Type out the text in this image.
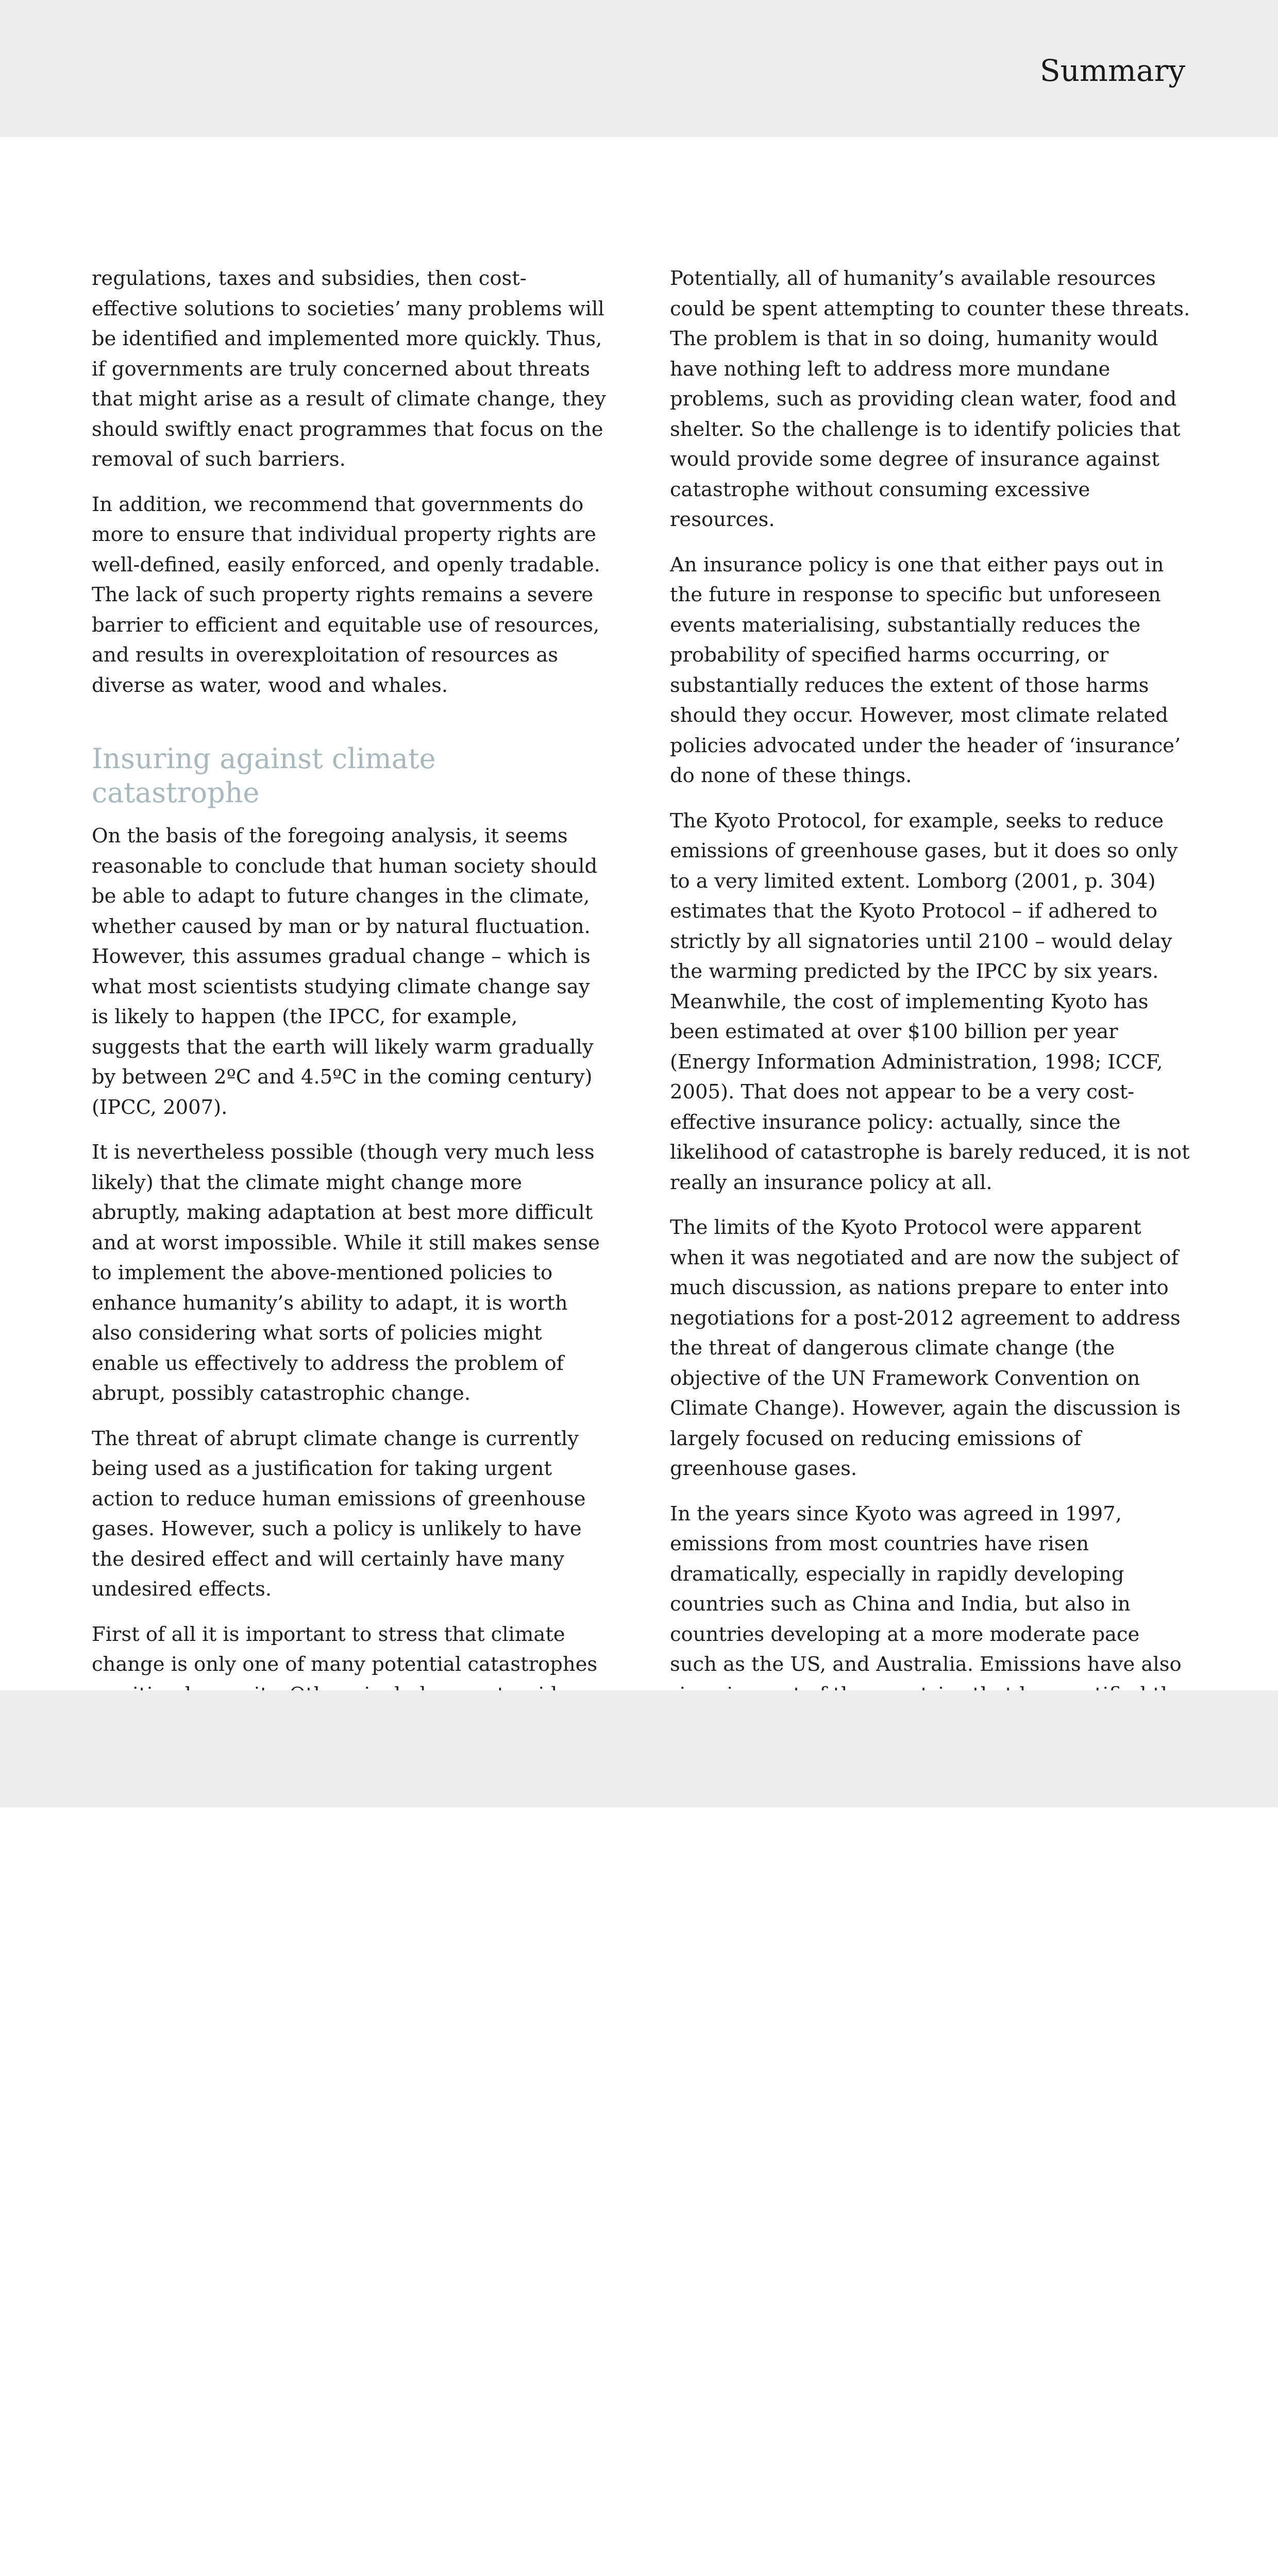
Summary

regulations, taxes and subsidies, then cost-effective solutions to societies’ many problems will be identified and implemented more quickly. Thus, if governments are truly concerned about threats that might arise as a result of climate change, they should swiftly enact programmes that focus on the removal of such barriers.

In addition, we recommend that governments do more to ensure that individual property rights are well-defined, easily enforced, and openly tradable. The lack of such property rights remains a severe barrier to efficient and equitable use of resources, and results in overexploitation of resources as diverse as water, wood and whales.

Insuring against climate catastrophe

On the basis of the foregoing analysis, it seems reasonable to conclude that human society should be able to adapt to future changes in the climate, whether caused by man or by natural fluctuation. However, this assumes gradual change – which is what most scientists studying climate change say is likely to happen (the IPCC, for example, suggests that the earth will likely warm gradually by between 2ºC and 4.5ºC in the coming century)(IPCC, 2007).

It is nevertheless possible (though very much less likely) that the climate might change more abruptly, making adaptation at best more difficult and at worst impossible. While it still makes sense to implement the above-mentioned policies to enhance humanity’s ability to adapt, it is worth also considering what sorts of policies might enable us effectively to address the problem of abrupt, possibly catastrophic change.

The threat of abrupt climate change is currently being used as a justification for taking urgent action to reduce human emissions of greenhouse gases. However, such a policy is unlikely to have the desired effect and will certainly have many undesired effects.

First of all it is important to stress that climate change is only one of many potential catastrophes

Potentially, all of humanity’s available resources could be spent attempting to counter these threats. The problem is that in so doing, humanity would have nothing left to address more mundane problems, such as providing clean water, food and shelter. So the challenge is to identify policies that would provide some degree of insurance against catastrophe without consuming excessive resources.

An insurance policy is one that either pays out in the future in response to specific but unforeseen events materialising, substantially reduces the probability of specified harms occurring, or substantially reduces the extent of those harms should they occur. However, most climate related policies advocated under the header of ‘insurance’ do none of these things.

The Kyoto Protocol, for example, seeks to reduce emissions of greenhouse gases, but it does so only to a very limited extent. Lomborg (2001, p. 304) estimates that the Kyoto Protocol – if adhered to strictly by all signatories until 2100 – would delay the warming predicted by the IPCC by six years. Meanwhile, the cost of implementing Kyoto has been estimated at over $100 billion per year (Energy Information Administration, 1998; ICCF, 2005). That does not appear to be a very cost-effective insurance policy: actually, since the likelihood of catastrophe is barely reduced, it is not really an insurance policy at all.

The limits of the Kyoto Protocol were apparent when it was negotiated and are now the subject of much discussion, as nations prepare to enter into negotiations for a post-2012 agreement to address the threat of dangerous climate change (the objective of the UN Framework Convention on Climate Change). However, again the discussion is largely focused on reducing emissions of greenhouse gases.

In the years since Kyoto was agreed in 1997, emissions from most countries have risen dramatically, especially in rapidly developing countries such as China and India, but also in countries developing at a more moderate pace such as the US, and Australia. Emissions have also
